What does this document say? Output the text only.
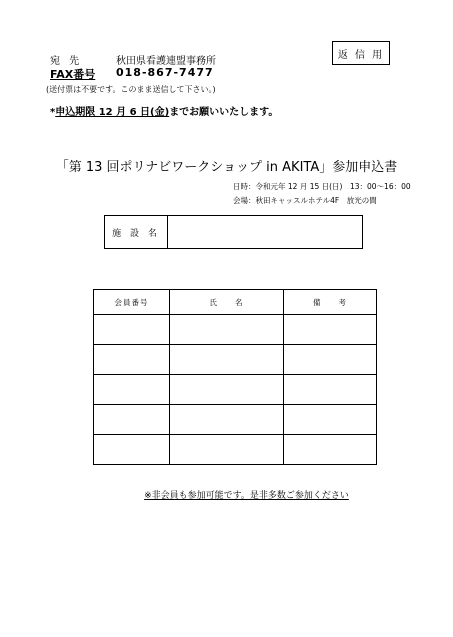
返 信 用
宛 先	秋田県看護連盟事務所
FAX番号 018-867-7477
(送付票は不要です。このまま送信して下さい。)
*申込期限 12 月 6 日(金)までお願いいたします。
「第 13 回ポリナビワークショップ in AKITA」参加申込書
日時：令和元年 12 月 15 日(日)　13：00～16：00
会場：秋田キャッスルホテル4F　放光の間
施 設 名
会員番号	氏　　名	備　　考

※非会員も参加可能です。是非多数ご参加ください
